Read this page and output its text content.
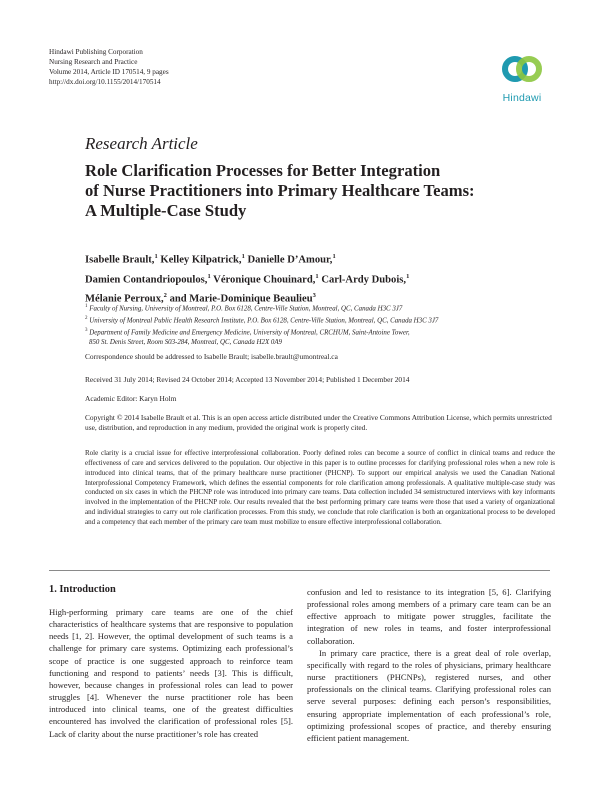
Hindawi Publishing Corporation
Nursing Research and Practice
Volume 2014, Article ID 170514, 9 pages
http://dx.doi.org/10.1155/2014/170514
Hindawi
Research Article
Role Clarification Processes for Better Integration
of Nurse Practitioners into Primary Healthcare Teams:
A Multiple-Case Study
Isabelle Brault,$^1$ Kelley Kilpatrick,$^1$ Danielle D’Amour,$^1$
Damien Contandriopoulos,$^1$ Véronique Chouinard,$^1$ Carl-Ardy Dubois,$^1$
Mélanie Perroux,$^2$ and Marie-Dominique Beaulieu$^3$
$^1$ Faculty of Nursing, University of Montreal, P.O. Box 6128, Centre-Ville Station, Montreal, QC, Canada H3C 3J7
$^2$ University of Montreal Public Health Research Institute, P.O. Box 6128, Centre-Ville Station, Montreal, QC, Canada H3C 3J7
$^3$ Department of Family Medicine and Emergency Medicine, University of Montreal, CRCHUM, Saint-Antoine Tower,
850 St. Denis Street, Room S03-284, Montreal, QC, Canada H2X 0A9
Correspondence should be addressed to Isabelle Brault; isabelle.brault@umontreal.ca
Received 31 July 2014; Revised 24 October 2014; Accepted 13 November 2014; Published 1 December 2014
Academic Editor: Karyn Holm
Copyright © 2014 Isabelle Brault et al. This is an open access article distributed under the Creative Commons Attribution License, which permits unrestricted use, distribution, and reproduction in any medium, provided the original work is properly cited.
Role clarity is a crucial issue for effective interprofessional collaboration. Poorly defined roles can become a source of conflict in clinical teams and reduce the effectiveness of care and services delivered to the population. Our objective in this paper is to outline processes for clarifying professional roles when a new role is introduced into clinical teams, that of the primary healthcare nurse practitioner (PHCNP). To support our empirical analysis we used the Canadian National Interprofessional Competency Framework, which defines the essential components for role clarification among professionals. A qualitative multiple-case study was conducted on six cases in which the PHCNP role was introduced into primary care teams. Data collection included 34 semistructured interviews with key informants involved in the implementation of the PHCNP role. Our results revealed that the best performing primary care teams were those that used a variety of organizational and individual strategies to carry out role clarification processes. From this study, we conclude that role clarification is both an organizational process to be developed and a competency that each member of the primary care team must mobilize to ensure effective interprofessional collaboration.
1. Introduction

High-performing primary care teams are one of the chief characteristics of healthcare systems that are responsive to population needs [1, 2]. However, the optimal development of such teams is a challenge for primary care systems. Optimizing each professional’s scope of practice is one suggested approach to reinforce team functioning and respond to patients’ needs [3]. This is difficult, however, because changes in professional roles can lead to power struggles [4]. Whenever the nurse practitioner role has been introduced into clinical teams, one of the greatest difficulties encountered has involved the clarification of professional roles [5]. Lack of clarity about the nurse practitioner’s role has created

confusion and led to resistance to its integration [5, 6]. Clarifying professional roles among members of a primary care team can be an effective approach to mitigate power struggles, facilitate the integration of new roles in teams, and foster interprofessional collaboration.

In primary care practice, there is a great deal of role overlap, specifically with regard to the roles of physicians, primary healthcare nurse practitioners (PHCNPs), registered nurses, and other professionals on the clinical teams. Clarifying professional roles can serve several purposes: defining each person’s responsibilities, ensuring appropriate implementation of each professional’s role, optimizing professional scopes of practice, and thereby ensuring efficient patient management.
